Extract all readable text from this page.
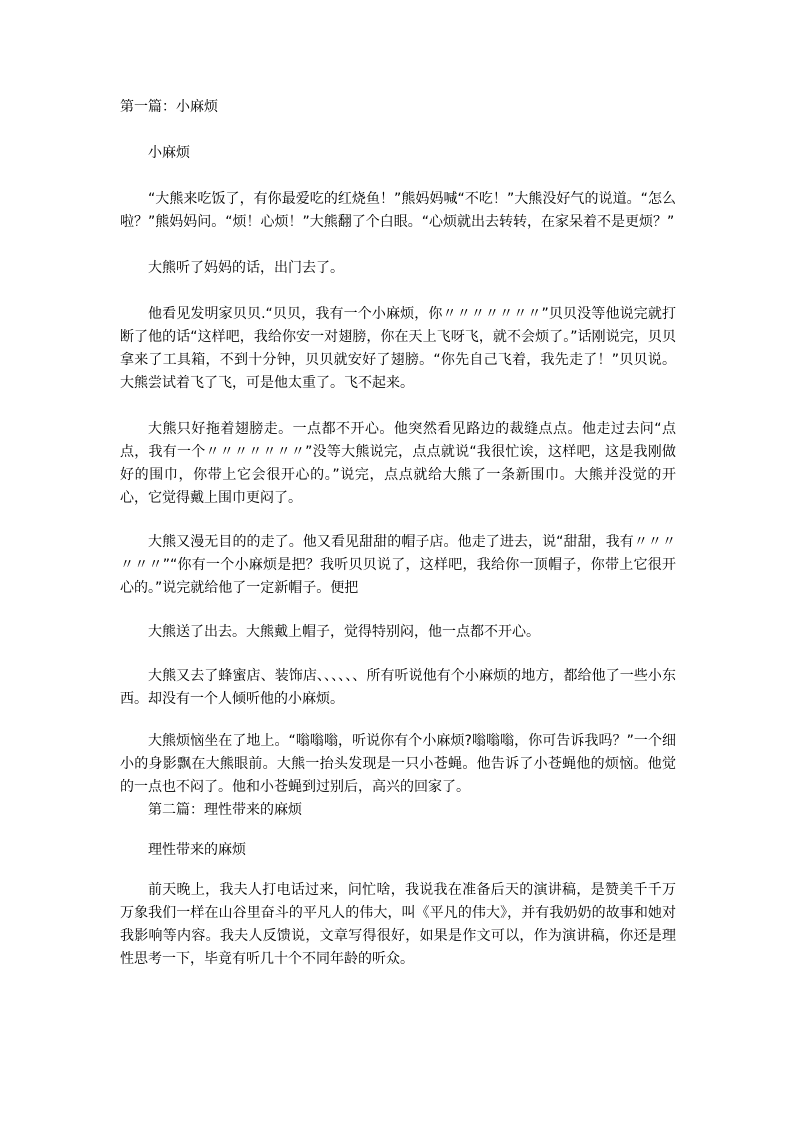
第一篇：小麻烦

小麻烦

“大熊来吃饭了，有你最爱吃的红烧鱼！”熊妈妈喊“不吃！”大熊没好气的说道。“怎么啦？”熊妈妈问。“烦！心烦！”大熊翻了个白眼。“心烦就出去转转，在家呆着不是更烦？”

大熊听了妈妈的话，出门去了。

他看见发明家贝贝.“贝贝，我有一个小麻烦，你〃〃〃〃〃〃〃”贝贝没等他说完就打断了他的话“这样吧，我给你安一对翅膀，你在天上飞呀飞，就不会烦了。”话刚说完，贝贝拿来了工具箱，不到十分钟，贝贝就安好了翅膀。“你先自己飞着，我先走了！”贝贝说。大熊尝试着飞了飞，可是他太重了。飞不起来。

大熊只好拖着翅膀走。一点都不开心。他突然看见路边的裁缝点点。他走过去问“点点，我有一个〃〃〃〃〃〃〃”没等大熊说完，点点就说“我很忙诶，这样吧，这是我刚做好的围巾，你带上它会很开心的。”说完，点点就给大熊了一条新围巾。大熊并没觉的开心，它觉得戴上围巾更闷了。

大熊又漫无目的的走了。他又看见甜甜的帽子店。他走了进去，说“甜甜，我有〃〃〃〃〃〃”“你有一个小麻烦是把？我听贝贝说了，这样吧，我给你一顶帽子，你带上它很开心的。”说完就给他了一定新帽子。便把

大熊送了出去。大熊戴上帽子，觉得特别闷，他一点都不开心。

大熊又去了蜂蜜店、装饰店、、、、、、所有听说他有个小麻烦的地方，都给他了一些小东西。却没有一个人倾听他的小麻烦。

大熊烦恼坐在了地上。“嗡嗡嗡，听说你有个小麻烦?嗡嗡嗡，你可告诉我吗？”一个细小的身影飘在大熊眼前。大熊一抬头发现是一只小苍蝇。他告诉了小苍蝇他的烦恼。他觉的一点也不闷了。他和小苍蝇到过别后，高兴的回家了。

第二篇：理性带来的麻烦

理性带来的麻烦

前天晚上，我夫人打电话过来，问忙啥，我说我在准备后天的演讲稿，是赞美千千万万象我们一样在山谷里奋斗的平凡人的伟大，叫《平凡的伟大》，并有我奶奶的故事和她对我影响等内容。我夫人反馈说，文章写得很好，如果是作文可以，作为演讲稿，你还是理性思考一下，毕竟有听几十个不同年龄的听众。
